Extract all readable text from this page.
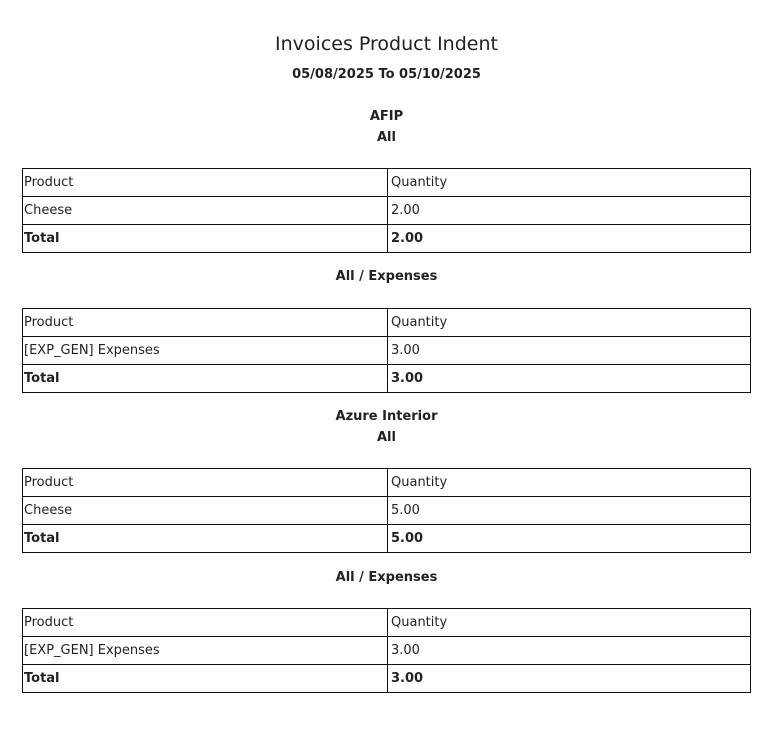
Invoices Product Indent
05/08/2025 To 05/10/2025
AFIP
All
Product	Quantity
Cheese	2.00
Total	2.00
All / Expenses
Product	Quantity
[EXP_GEN] Expenses	3.00
Total	3.00
Azure Interior
All
Product	Quantity
Cheese	5.00
Total	5.00
All / Expenses
Product	Quantity
[EXP_GEN] Expenses	3.00
Total	3.00
